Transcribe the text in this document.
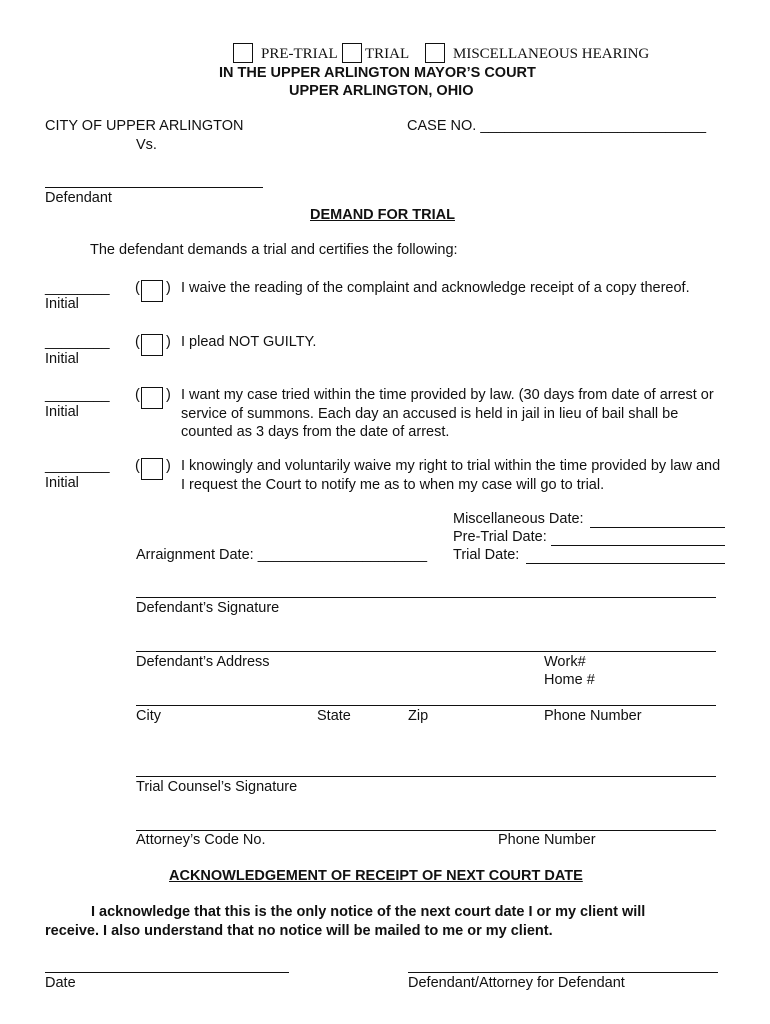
PRE-TRIAL TRIAL	MISCELLANEOUS HEARING
IN THE UPPER ARLINGTON MAYOR’S COURT
UPPER ARLINGTON, OHIO
CITY OF UPPER ARLINGTON	CASE NO. ____________________________
Vs.
Defendant
DEMAND FOR TRIAL
The defendant demands a trial and certifies the following:
________
Initial
( ) I waive the reading of the complaint and acknowledge receipt of a copy thereof.
________
Initial
( ) I plead NOT GUILTY.
________
Initial
( ) I want my case tried within the time provided by law. (30 days from date of arrest or service of summons. Each day an accused is held in jail in lieu of bail shall be counted as 3 days from the date of arrest.
________
Initial
( ) I knowingly and voluntarily waive my right to trial within the time provided by law and I request the Court to notify me as to when my case will go to trial.
Miscellaneous Date:
Pre-Trial Date:
Arraignment Date: _____________________ Trial Date:
Defendant’s Signature
Defendant’s Address	Work#
Home #
City	State	Zip	Phone Number
Trial Counsel’s Signature
Attorney’s Code No.	Phone Number
ACKNOWLEDGEMENT OF RECEIPT OF NEXT COURT DATE
I acknowledge that this is the only notice of the next court date I or my client will receive. I also understand that no notice will be mailed to me or my client.
Date	Defendant/Attorney for Defendant
